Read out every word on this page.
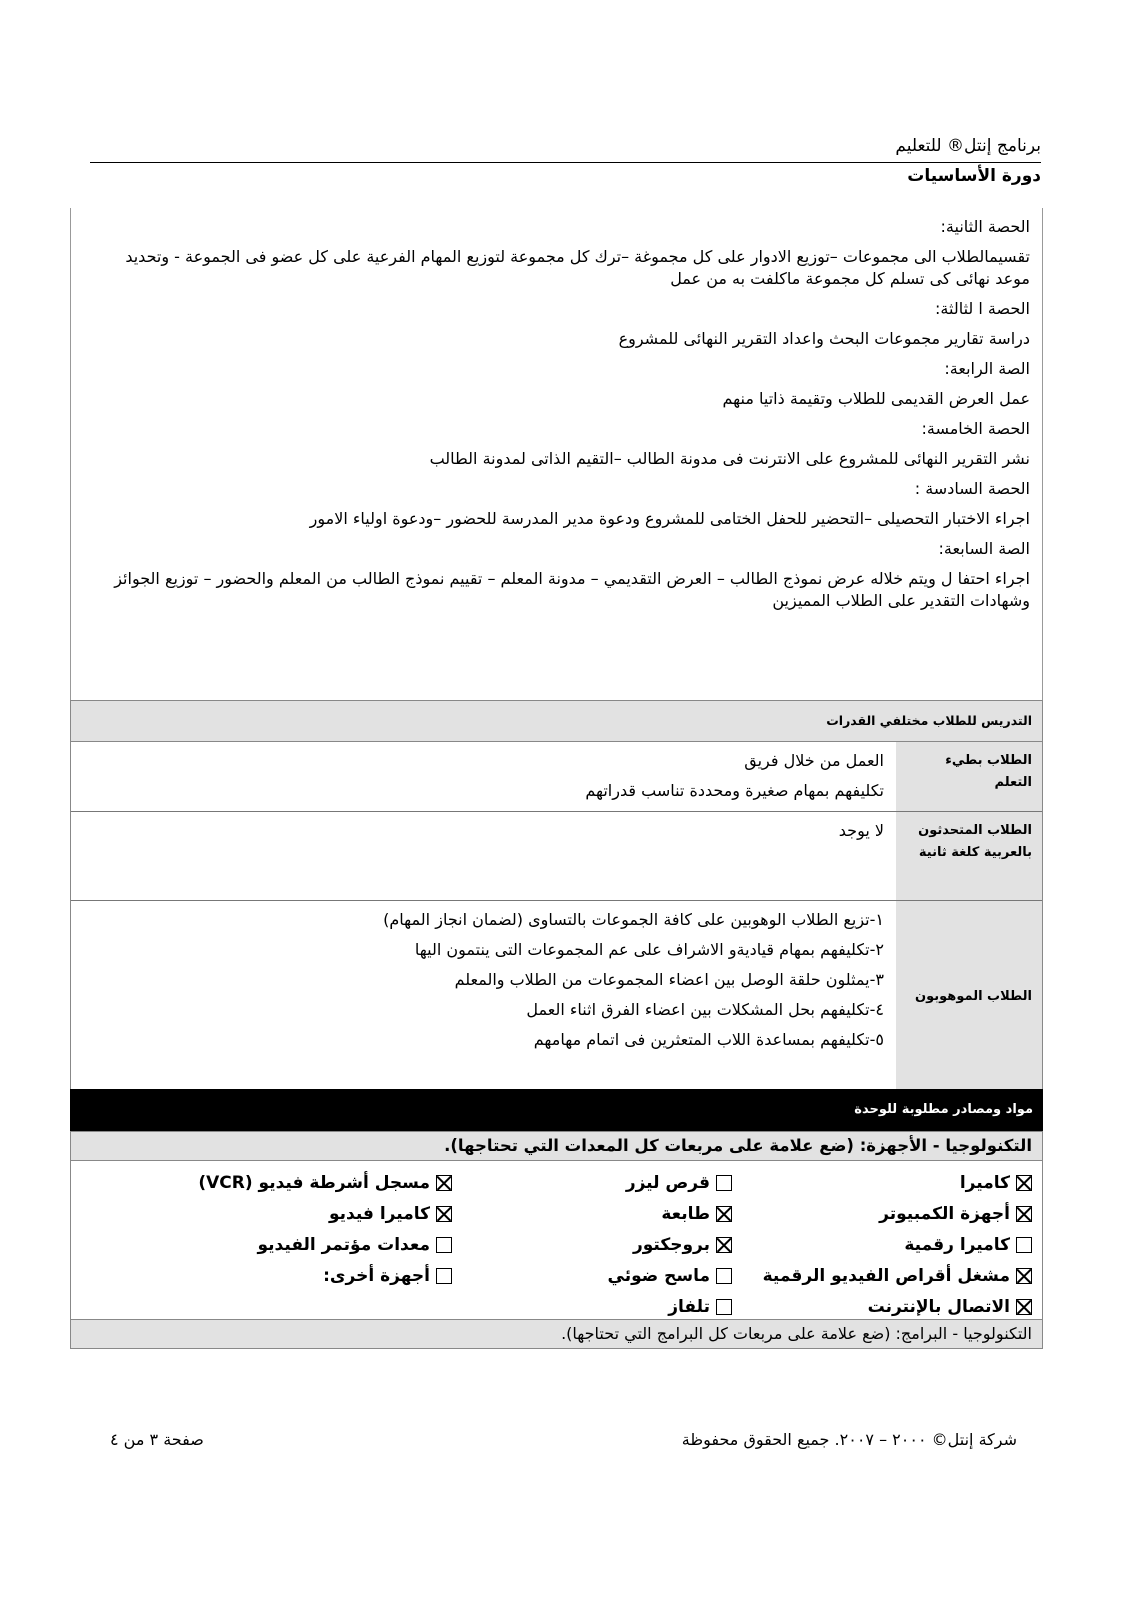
برنامج إنتل® للتعليم
دورة الأساسيات
الحصة الثانية:
تقسيمالطلاب الى مجموعات –توزيع الادوار على كل مجموغة –ترك كل مجموعة لتوزيع المهام الفرعية على كل عضو فى الجموعة - وتحديد موعد نهائى كى تسلم كل مجموعة ماكلفت به من عمل
الحصة ا لثالثة:
دراسة تقارير مجموعات البحث واعداد التقرير النهائى للمشروع
الصة الرابعة:
عمل العرض القديمى للطلاب وتقيمة ذاتيا منهم
الحصة الخامسة:
نشر التقرير النهائى للمشروع على الانترنت فى مدونة الطالب –التقيم الذاتى لمدونة الطالب
الحصة السادسة :
اجراء الاختبار التحصيلى –التحضير للحفل الختامى للمشروع ودعوة مدير المدرسة للحضور –ودعوة اولياء الامور
الصة السابعة:
اجراء احتفا ل ويتم خلاله عرض نموذج الطالب – العرض التقديمي – مدونة المعلم – تقييم نموذج الطالب من المعلم والحضور – توزيع الجوائز وشهادات التقدير على الطلاب المميزين
التدريس للطلاب مختلفي القدرات
الطلاب بطيء التعلم
العمل من خلال فريق
تكليفهم بمهام صغيرة ومحددة تناسب قدراتهم
الطلاب المتحدثون بالعربية كلغة ثانية
لا يوجد
الطلاب الموهوبون
١-تزيع الطلاب الوهوبين على كافة الجموعات بالتساوى (لضمان انجاز المهام)
٢-تكليفهم بمهام قياديةو الاشراف على عم المجموعات التى ينتمون اليها
٣-يمثلون حلقة الوصل بين اعضاء المجموعات من الطلاب والمعلم
٤-تكليفهم بحل المشكلات بين اعضاء الفرق اثناء العمل
٥-تكليفهم بمساعدة اللاب المتعثرين فى اتمام مهامهم
مواد ومصادر مطلوبة للوحدة
التكنولوجيا - الأجهزة: (ضع علامة على مربعات كل المعدات التي تحتاجها).
كاميرا
أجهزة الكمبيوتر
كاميرا رقمية
مشغل أقراص الفيديو الرقمية
الاتصال بالإنترنت
قرص ليزر
طابعة
بروجكتور
ماسح ضوئي
تلفاز
مسجل أشرطة فيديو (VCR)
كاميرا فيديو
معدات مؤتمر الفيديو
أجهزة أخرى:
التكنولوجيا - البرامج: (ضع علامة على مربعات كل البرامج التي تحتاجها).
شركة إنتل© ٢٠٠٠ – ٢٠٠٧. جميع الحقوق محفوظة
صفحة ٣ من ٤
